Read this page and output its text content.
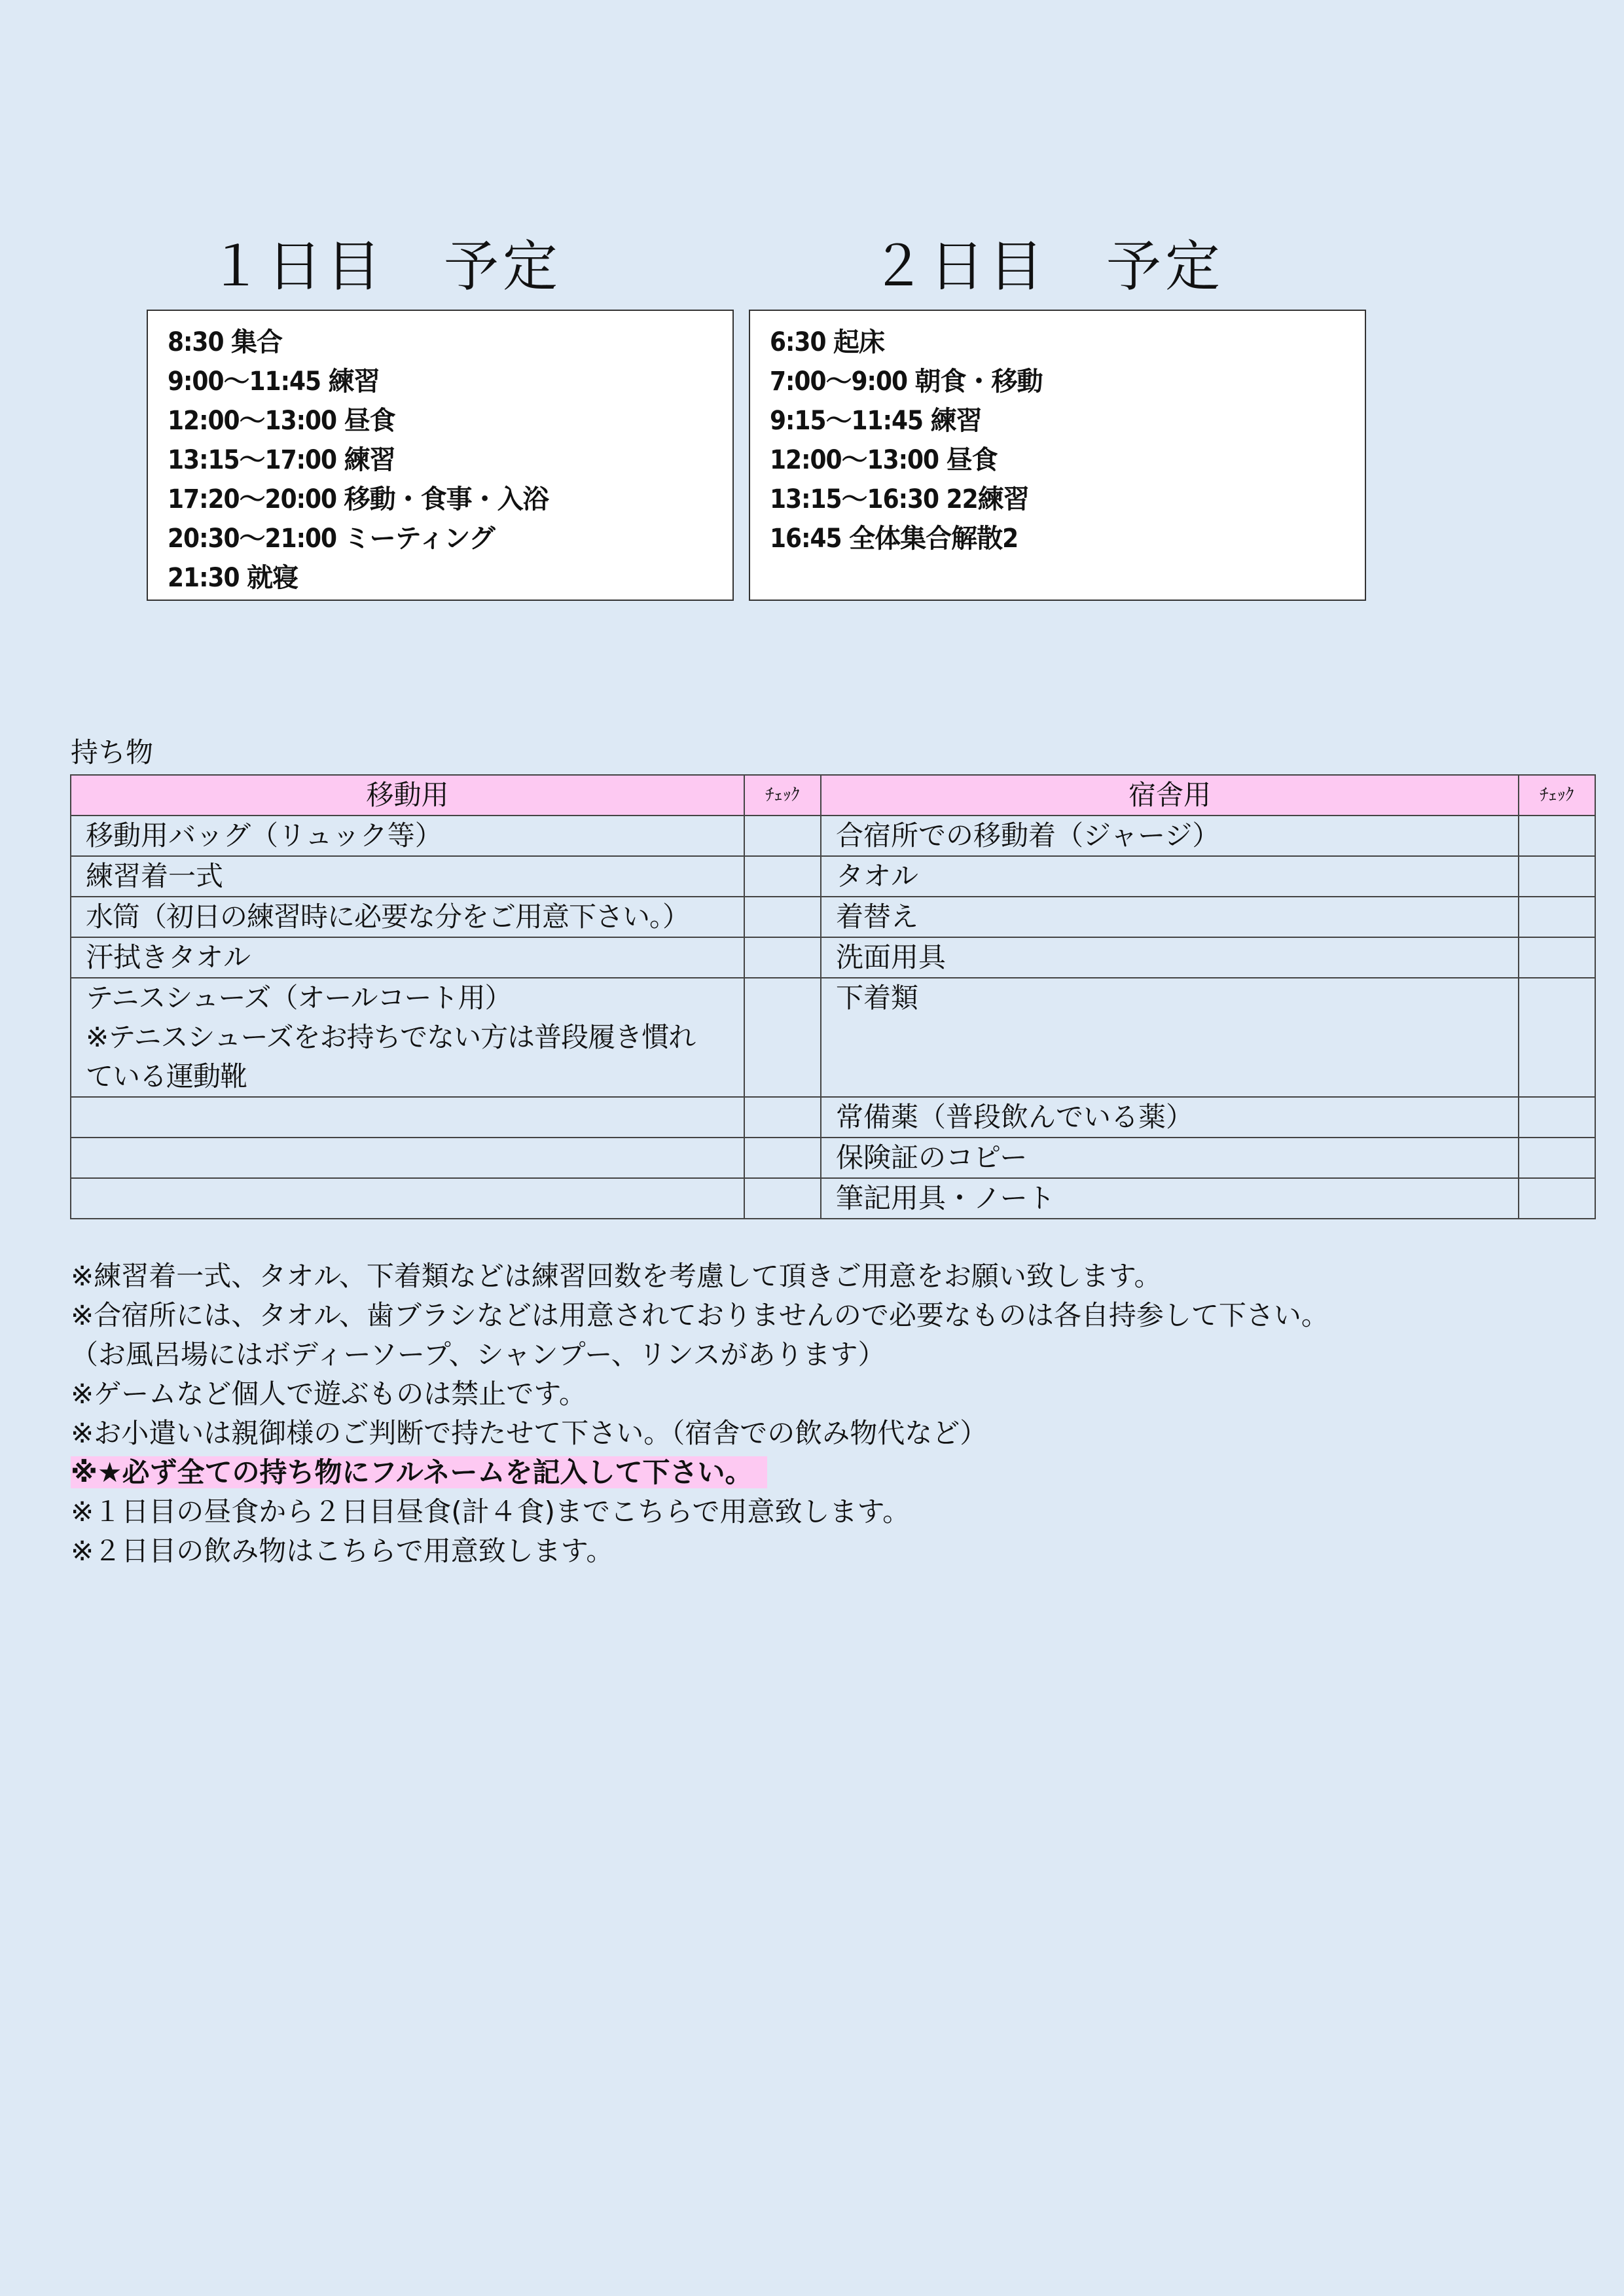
１日目　予定	２日目　予定
8:30 集合
9:00～11:45 練習
12:00～13:00 昼食
13:15～17:00 練習
17:20～20:00 移動・食事・入浴
20:30～21:00 ミーティング
21:30 就寝
6:30 起床
7:00～9:00 朝食・移動
9:15～11:45 練習
12:00～13:00 昼食
13:15～16:30 22練習
16:45 全体集合解散2
持ち物
移動用	ﾁｪｯｸ	宿舎用	ﾁｪｯｸ
移動用バッグ（リュック等）		合宿所での移動着（ジャージ）	
練習着一式		タオル	
水筒（初日の練習時に必要な分をご用意下さい。）		着替え	
汗拭きタオル		洗面用具	

テニスシューズ（オールコート用）
※テニスシューズをお持ちでない方は普段履き慣れ
ている運動靴		下着類	
		常備薬（普段飲んでいる薬）	
		保険証のコピー	
		筆記用具・ノート	
※練習着一式、タオル、下着類などは練習回数を考慮して頂きご用意をお願い致します。
※合宿所には、タオル、歯ブラシなどは用意されておりませんので必要なものは各自持参して下さい。
（お風呂場にはボディーソープ、シャンプー、リンスがあります）
※ゲームなど個人で遊ぶものは禁止です。
※お小遣いは親御様のご判断で持たせて下さい。（宿舎での飲み物代など）
※★必ず全ての持ち物にフルネームを記入して下さい。
※１日目の昼食から２日目昼食(計４食)までこちらで用意致します。
※２日目の飲み物はこちらで用意致します。
